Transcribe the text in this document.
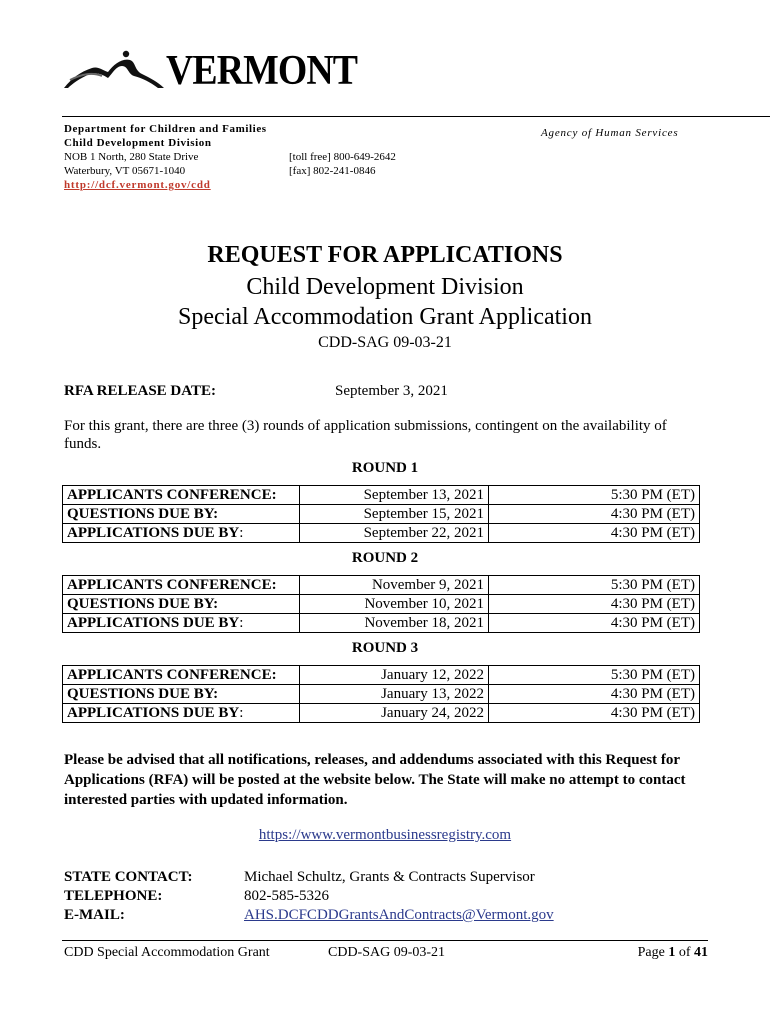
VERMONT
Department for Children and Families
Child Development Division
NOB 1 North, 280 State Drive
Waterbury, VT 05671-1040
http://dcf.vermont.gov/cdd
[toll free] 800-649-2642
[fax] 802-241-0846
Agency of Human Services
REQUEST FOR APPLICATIONS
Child Development Division
Special Accommodation Grant Application
CDD-SAG 09-03-21
RFA RELEASE DATE:	September 3, 2021
For this grant, there are three (3) rounds of application submissions, contingent on the availability of funds.
ROUND 1
APPLICANTS CONFERENCE:	September 13, 2021	5:30 PM (ET)
QUESTIONS DUE BY:	September 15, 2021	4:30 PM (ET)
APPLICATIONS DUE BY:	September 22, 2021	4:30 PM (ET)
ROUND 2
APPLICANTS CONFERENCE:	November 9, 2021	5:30 PM (ET)
QUESTIONS DUE BY:	November 10, 2021	4:30 PM (ET)
APPLICATIONS DUE BY:	November 18, 2021	4:30 PM (ET)
ROUND 3
APPLICANTS CONFERENCE:	January 12, 2022	5:30 PM (ET)
QUESTIONS DUE BY:	January 13, 2022	4:30 PM (ET)
APPLICATIONS DUE BY:	January 24, 2022	4:30 PM (ET)
Please be advised that all notifications, releases, and addendums associated with this Request for Applications (RFA) will be posted at the website below. The State will make no attempt to contact interested parties with updated information.
https://www.vermontbusinessregistry.com
STATE CONTACT:	Michael Schultz, Grants & Contracts Supervisor
TELEPHONE:	802-585-5326
E-MAIL:	AHS.DCFCDDGrantsAndContracts@Vermont.gov
CDD Special Accommodation Grant	CDD-SAG 09-03-21	Page 1 of 41
